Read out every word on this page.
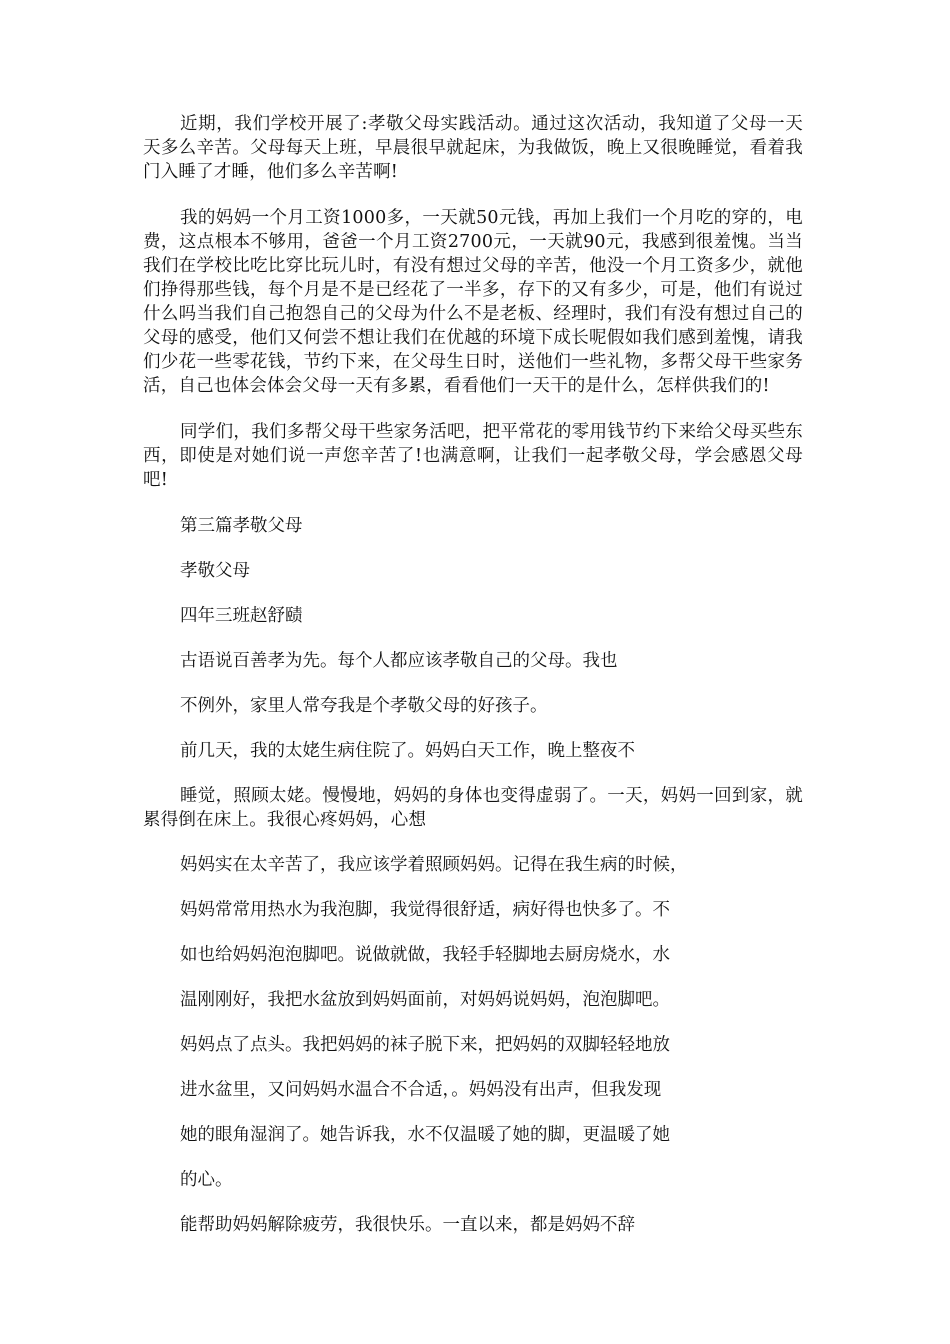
近期，我们学校开展了:孝敬父母实践活动。通过这次活动，我知道了父母一天天多么辛苦。父母每天上班，早晨很早就起床，为我做饭，晚上又很晚睡觉，看着我门入睡了才睡，他们多么辛苦啊!

我的妈妈一个月工资1000多，一天就50元钱，再加上我们一个月吃的穿的，电费，这点根本不够用，爸爸一个月工资2700元，一天就90元，我感到很羞愧。当当我们在学校比吃比穿比玩儿时，有没有想过父母的辛苦，他没一个月工资多少，就他们挣得那些钱，每个月是不是已经花了一半多，存下的又有多少，可是，他们有说过什么吗当我们自己抱怨自己的父母为什么不是老板、经理时，我们有没有想过自己的父母的感受，他们又何尝不想让我们在优越的环境下成长呢假如我们感到羞愧，请我们少花一些零花钱，节约下来，在父母生日时，送他们一些礼物，多帮父母干些家务活，自己也体会体会父母一天有多累，看看他们一天干的是什么，怎样供我们的!

同学们，我们多帮父母干些家务活吧，把平常花的零用钱节约下来给父母买些东西，即使是对她们说一声您辛苦了!也满意啊，让我们一起孝敬父母，学会感恩父母吧!

第三篇孝敬父母

孝敬父母

四年三班赵舒赜

古语说百善孝为先。每个人都应该孝敬自己的父母。我也

不例外，家里人常夸我是个孝敬父母的好孩子。

前几天，我的太姥生病住院了。妈妈白天工作，晚上整夜不

睡觉，照顾太姥。慢慢地，妈妈的身体也变得虚弱了。一天，妈妈一回到家，就累得倒在床上。我很心疼妈妈，心想

妈妈实在太辛苦了，我应该学着照顾妈妈。记得在我生病的时候，

妈妈常常用热水为我泡脚，我觉得很舒适，病好得也快多了。不

如也给妈妈泡泡脚吧。说做就做，我轻手轻脚地去厨房烧水，水

温刚刚好，我把水盆放到妈妈面前，对妈妈说妈妈，泡泡脚吧。

妈妈点了点头。我把妈妈的袜子脱下来，把妈妈的双脚轻轻地放

进水盆里，又问妈妈水温合不合适，。妈妈没有出声，但我发现

她的眼角湿润了。她告诉我，水不仅温暖了她的脚，更温暖了她

的心。

能帮助妈妈解除疲劳，我很快乐。一直以来，都是妈妈不辞
